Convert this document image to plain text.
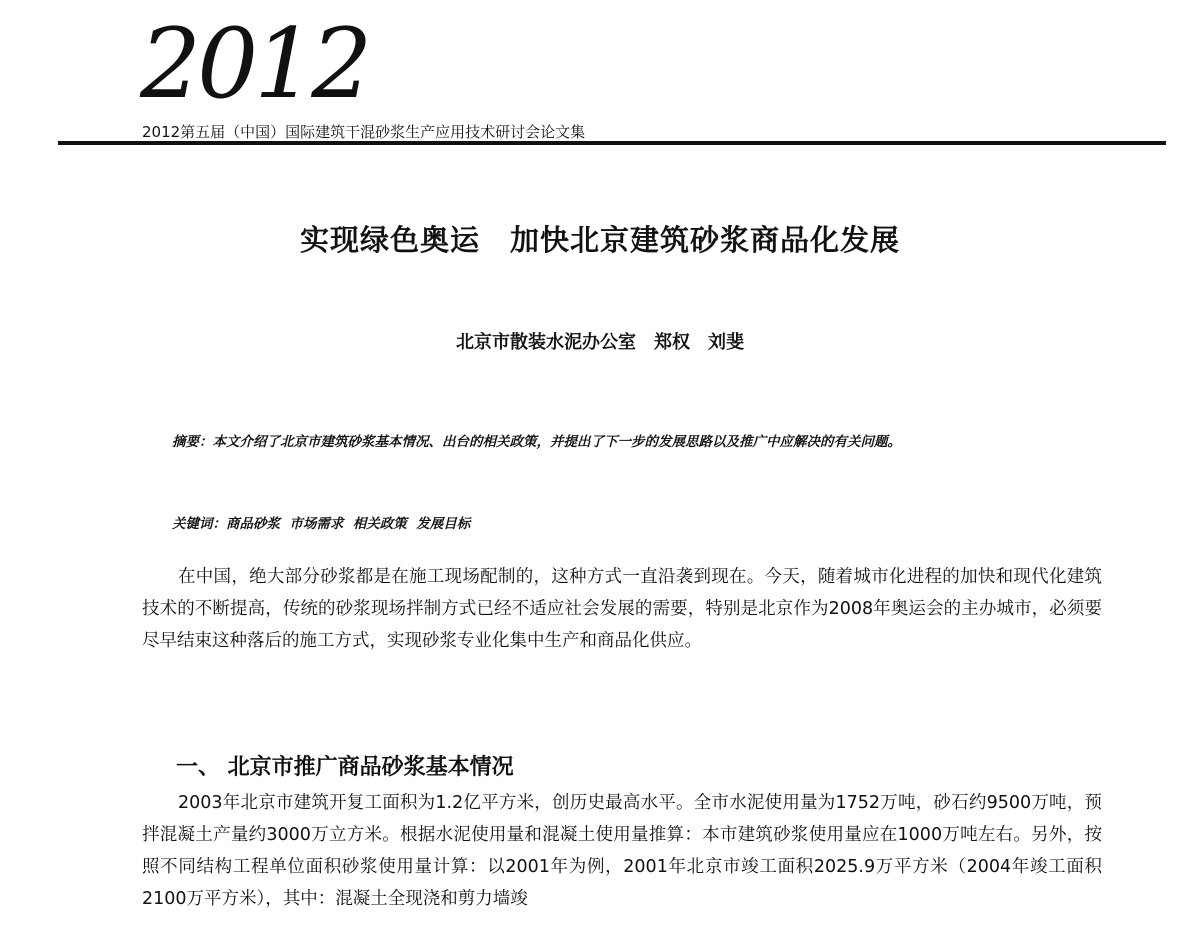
2012
2012第五届（中国）国际建筑干混砂浆生产应用技术研讨会论文集
实现绿色奥运　加快北京建筑砂浆商品化发展
北京市散装水泥办公室　郑权　刘斐
摘要：本文介绍了北京市建筑砂浆基本情况、出台的相关政策，并提出了下一步的发展思路以及推广中应解决的有关问题。
关键词：商品砂浆  市场需求  相关政策  发展目标
在中国，绝大部分砂浆都是在施工现场配制的，这种方式一直沿袭到现在。今天，随着城市化进程的加快和现代化建筑技术的不断提高，传统的砂浆现场拌制方式已经不适应社会发展的需要，特别是北京作为2008年奥运会的主办城市，必须要尽早结束这种落后的施工方式，实现砂浆专业化集中生产和商品化供应。
一、 北京市推广商品砂浆基本情况
2003年北京市建筑开复工面积为1.2亿平方米，创历史最高水平。全市水泥使用量为1752万吨，砂石约9500万吨，预拌混凝土产量约3000万立方米。根据水泥使用量和混凝土使用量推算：本市建筑砂浆使用量应在1000万吨左右。另外，按照不同结构工程单位面积砂浆使用量计算：以2001年为例，2001年北京市竣工面积2025.9万平方米（2004年竣工面积2100万平方米），其中：混凝土全现浇和剪力墙竣
